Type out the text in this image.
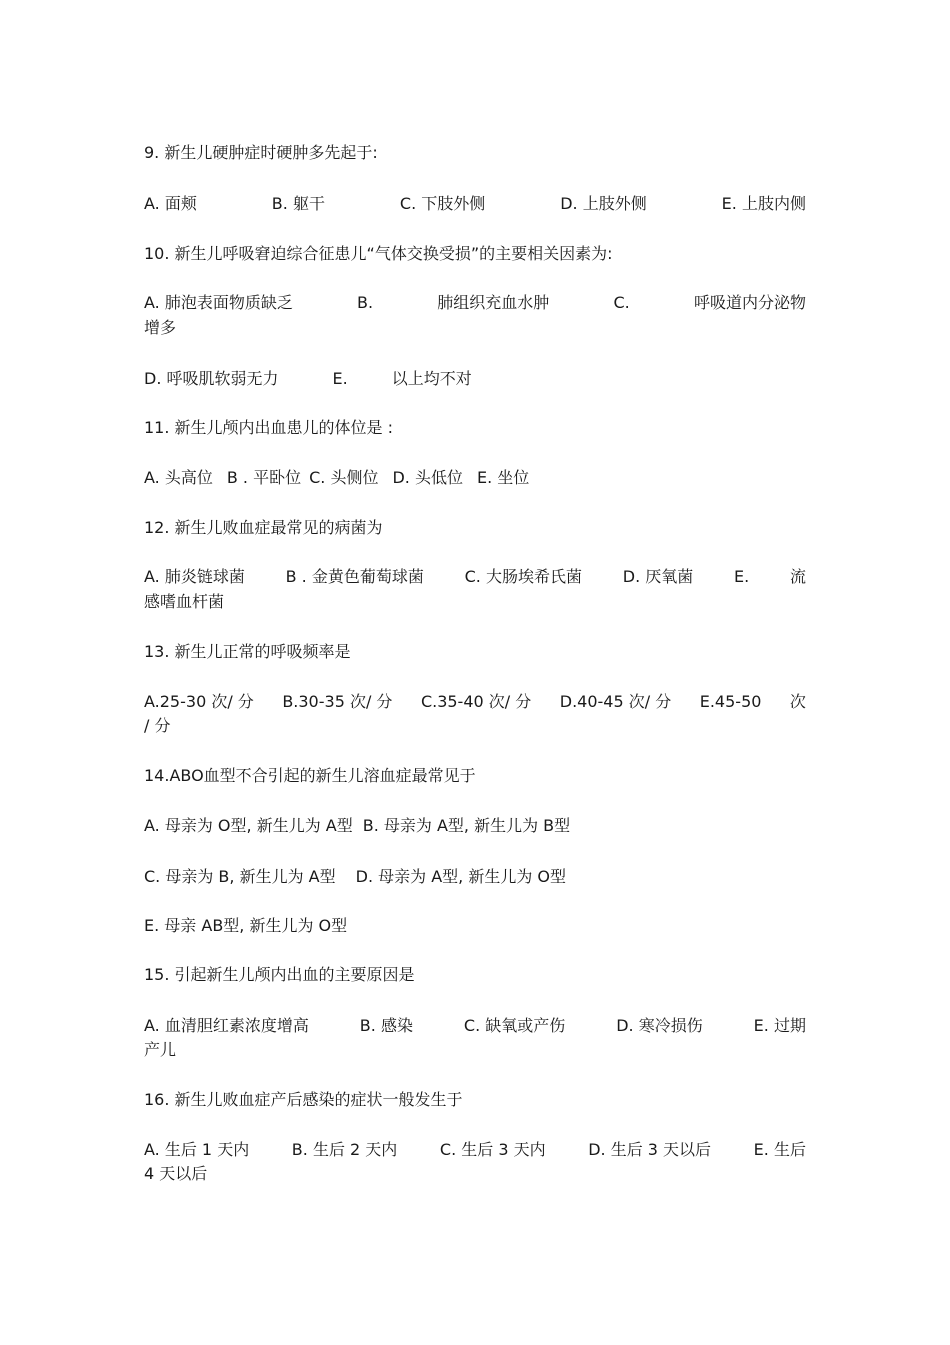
9. 新生儿硬肿症时硬肿多先起于:
A. 面颊	B. 躯干	C. 下肢外侧	D. 上肢外侧	E. 上肢内侧
10. 新生儿呼吸窘迫综合征患儿“气体交换受损”的主要相关因素为:
A. 肺泡表面物质缺乏	B.	肺组织充血水肿	C.	呼吸道内分泌物
增多
D. 呼吸肌软弱无力	E.	以上均不对
11. 新生儿颅内出血患儿的体位是 :
A. 头高位 B . 平卧位 C. 头侧位 D. 头低位 E. 坐位
12. 新生儿败血症最常见的病菌为
A. 肺炎链球菌	B . 金黄色葡萄球菌	C. 大肠埃希氏菌	D. 厌氧菌	E.	流
感嗜血杆菌
13. 新生儿正常的呼吸频率是
A.25-30 次/ 分 B.30-35 次/ 分 C.35-40 次/ 分 D.40-45 次/ 分 E.45-50 次
/ 分
14.ABO血型不合引起的新生儿溶血症最常见于
A. 母亲为 O型, 新生儿为 A型 B. 母亲为 A型, 新生儿为 B型
C. 母亲为 B, 新生儿为 A型 D. 母亲为 A型, 新生儿为 O型
E. 母亲 AB型, 新生儿为 O型
15. 引起新生儿颅内出血的主要原因是
A. 血清胆红素浓度增高	B. 感染	C. 缺氧或产伤	D. 寒冷损伤	E. 过期
产儿
16. 新生儿败血症产后感染的症状一般发生于
A. 生后 1 天内	B. 生后 2 天内	C. 生后 3 天内	D. 生后 3 天以后	E. 生后
4 天以后
